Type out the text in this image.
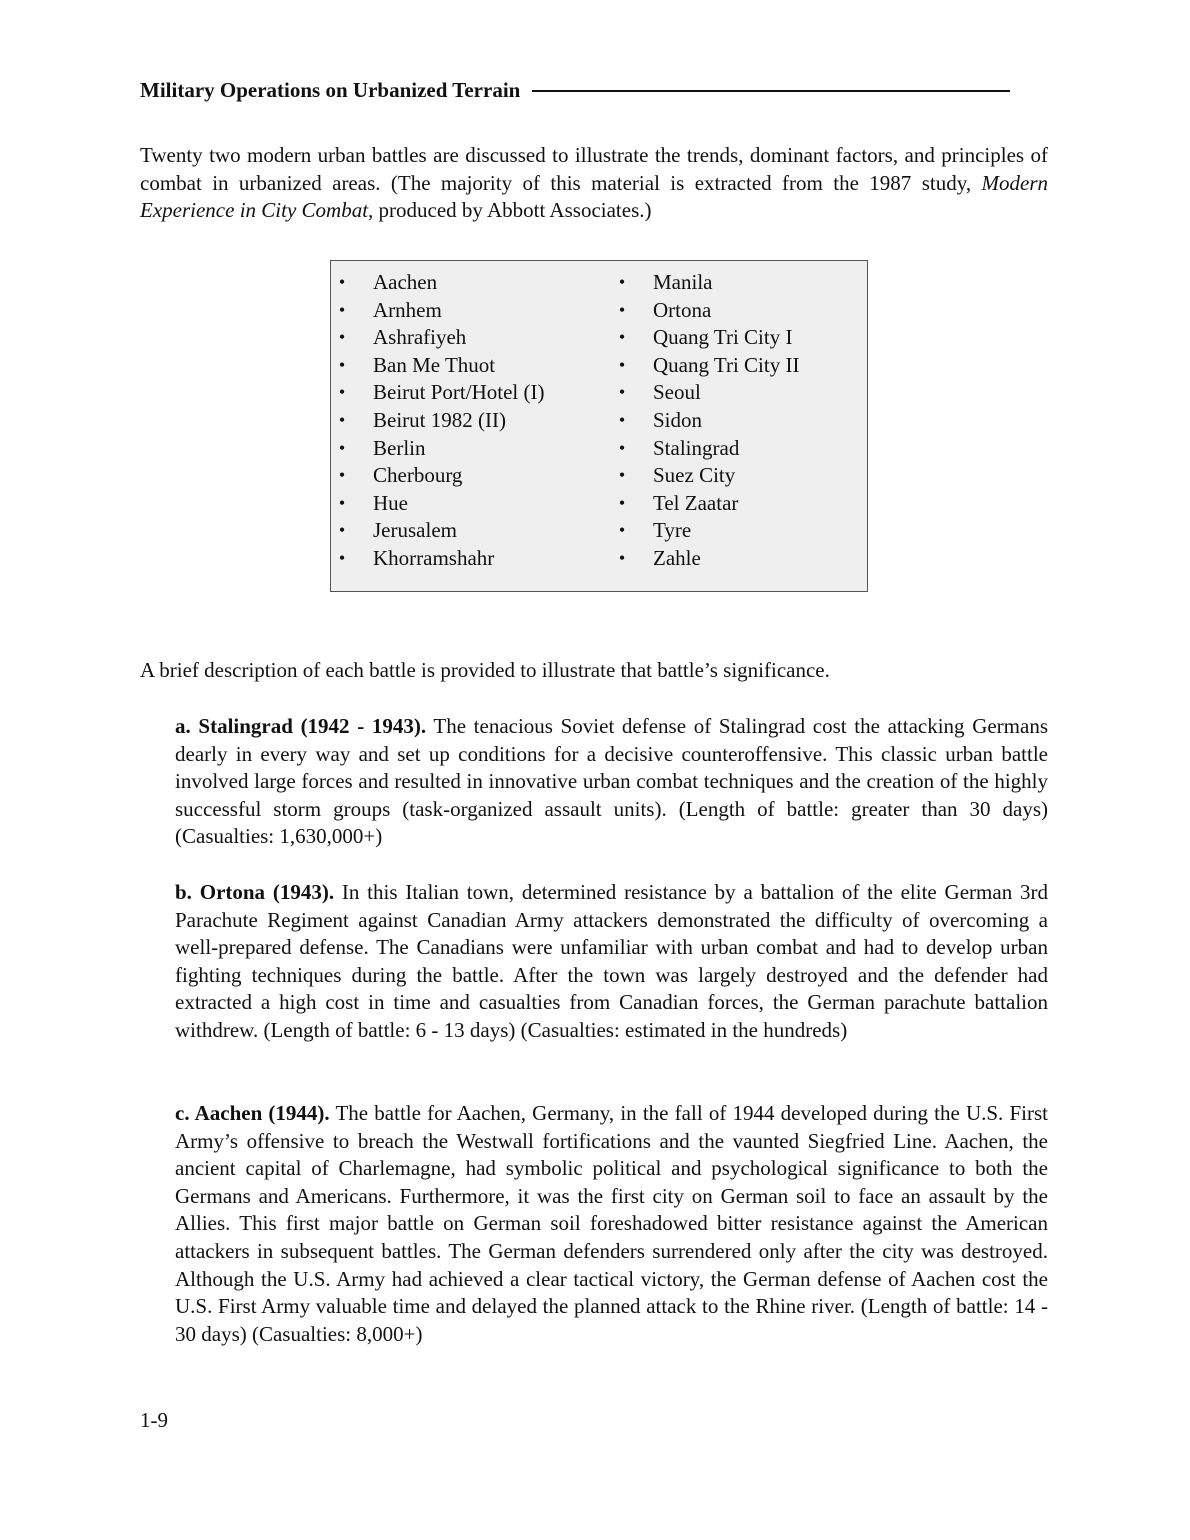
Military Operations on Urbanized Terrain

Twenty two modern urban battles are discussed to illustrate the trends, dominant factors, and principles of combat in urbanized areas. (The majority of this material is extracted from the 1987 study, Modern Experience in City Combat, produced by Abbott Associates.)

• Aachen
• Arnhem
• Ashrafiyeh
• Ban Me Thuot
• Beirut Port/Hotel (I)
• Beirut 1982 (II)
• Berlin
• Cherbourg
• Hue
• Jerusalem
• Khorramshahr
• Manila
• Ortona
• Quang Tri City I
• Quang Tri City II
• Seoul
• Sidon
• Stalingrad
• Suez City
• Tel Zaatar
• Tyre
• Zahle

A brief description of each battle is provided to illustrate that battle’s significance.

a. Stalingrad (1942 - 1943). The tenacious Soviet defense of Stalingrad cost the attacking Germans dearly in every way and set up conditions for a decisive counteroffensive. This classic urban battle involved large forces and resulted in innovative urban combat techniques and the creation of the highly successful storm groups (task-organized assault units). (Length of battle: greater than 30 days) (Casualties: 1,630,000+)

b. Ortona (1943). In this Italian town, determined resistance by a battalion of the elite German 3rd Parachute Regiment against Canadian Army attackers demonstrated the difficulty of overcoming a well-prepared defense. The Canadians were unfamiliar with urban combat and had to develop urban fighting techniques during the battle. After the town was largely destroyed and the defender had extracted a high cost in time and casualties from Canadian forces, the German parachute battalion withdrew. (Length of battle: 6 - 13 days) (Casualties: estimated in the hundreds)

c. Aachen (1944). The battle for Aachen, Germany, in the fall of 1944 developed during the U.S. First Army’s offensive to breach the Westwall fortifications and the vaunted Siegfried Line. Aachen, the ancient capital of Charlemagne, had symbolic political and psychological significance to both the Germans and Americans. Furthermore, it was the first city on German soil to face an assault by the Allies. This first major battle on German soil foreshadowed bitter resistance against the American attackers in subsequent battles. The German defenders surrendered only after the city was destroyed. Although the U.S. Army had achieved a clear tactical victory, the German defense of Aachen cost the U.S. First Army valuable time and delayed the planned attack to the Rhine river. (Length of battle: 14 - 30 days) (Casualties: 8,000+)

1-9
